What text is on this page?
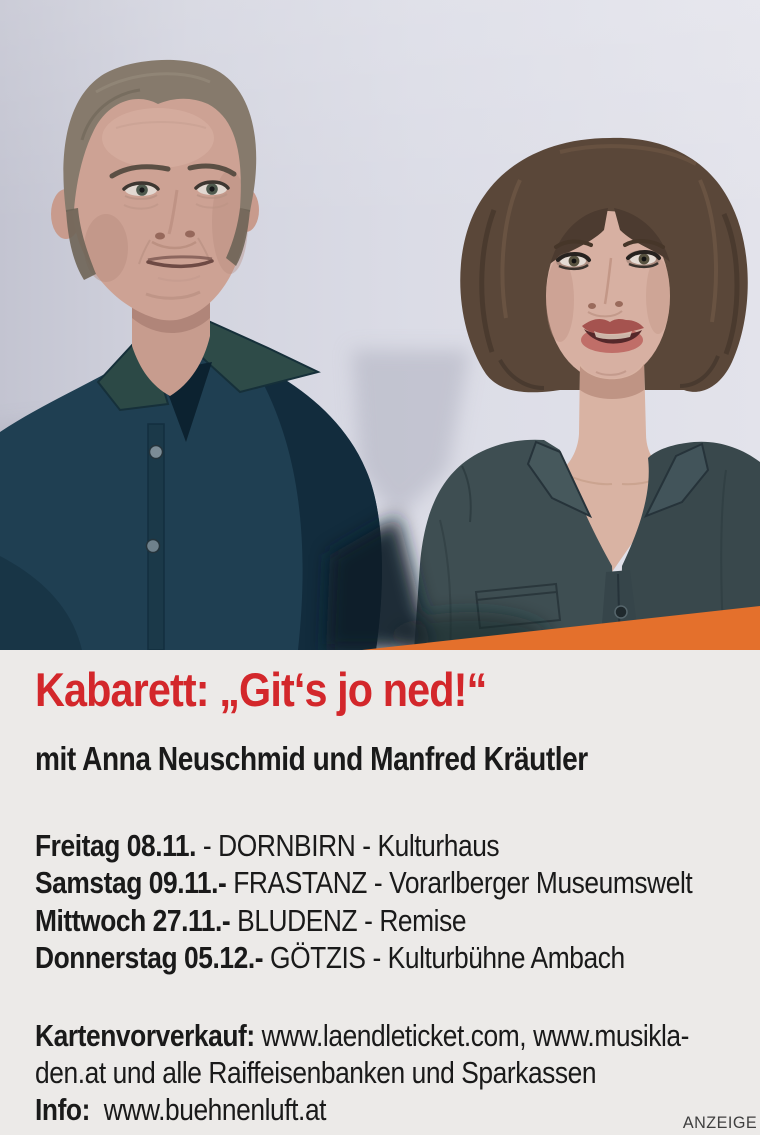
Kabarett: „Git‘s jo ned!“
mit Anna Neuschmid und Manfred Kräutler
Freitag 08.11. - DORNBIRN - Kulturhaus
Samstag 09.11.- FRASTANZ - Vorarlberger Museumswelt
Mittwoch 27.11.- BLUDENZ - Remise
Donnerstag 05.12.- GÖTZIS - Kulturbühne Ambach
Kartenvorverkauf: www.laendleticket.com, www.musikla-
den.at und alle Raiffeisenbanken und Sparkassen
Info:  www.buehnenluft.at	ANZEIGE
